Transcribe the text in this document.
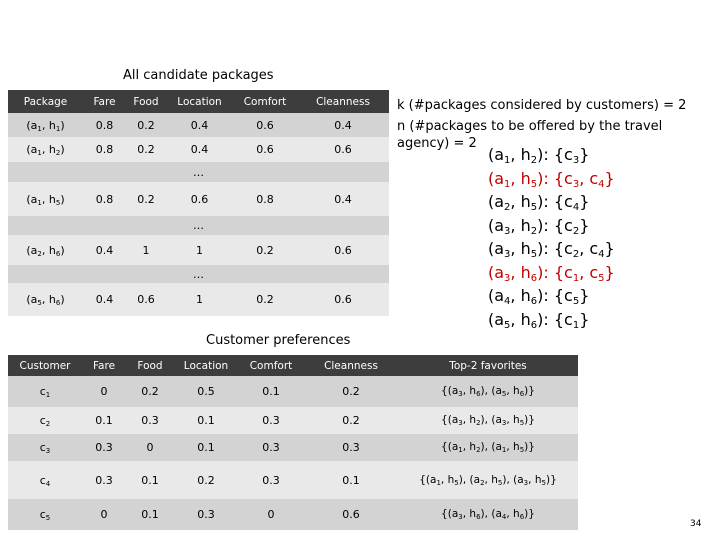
All candidate packages
Package	Fare	Food	Location	Comfort	Cleanness
($a_1$, $h_1$)	0.8	0.2	0.4	0.6	0.4
($a_1$, $h_2$)	0.8	0.2	0.4	0.6	0.6
…					
($a_1$, $h_5$)	0.8	0.2	0.6	0.8	0.4
…					
($a_2$, $h_6$)	0.4	1	1	0.2	0.6
…					
($a_5$, $h_6$)	0.4	0.6	1	0.2	0.6
k (#packages considered by customers) = 2
n (#packages to be offered by the travel
agency) = 2
($a_1$, $h_2$): $\{c_3\}$
($a_1$, $h_5$): {$c_3$, $c_4$}
($a_2$, $h_5$): $\{c_4\}$
($a_3$, $h_2$): $\{c_2\}$
($a_3$, $h_5$): {$c_2$, $c_4$}
($a_3$, $h_6$): {$c_1$, $c_5$}
($a_4$, $h_6$): $\{c_5\}$
($a_5$, $h_6$): $\{c_1\}$
Customer preferences
Customer	Fare	Food	Location	Comfort	Cleanness	Top-2 favorites
$c_1$	0	0.2	0.5	0.1	0.2	{($a_3$, $h_6$), ($a_5$, $h_6$)}
$c_2$	0.1	0.3	0.1	0.3	0.2	{($a_3$, $h_2$), ($a_3$, $h_5$)}
$c_3$	0.3	0	0.1	0.3	0.3	{($a_1$, $h_2$), ($a_1$, $h_5$)}
$c_4$	0.3	0.1	0.2	0.3	0.1	{($a_1$, $h_5$), ($a_2$, $h_5$), ($a_3$, $h_5$)}
$c_5$	0	0.1	0.3	0	0.6	{($a_3$, $h_6$), ($a_4$, $h_6$)}
34
